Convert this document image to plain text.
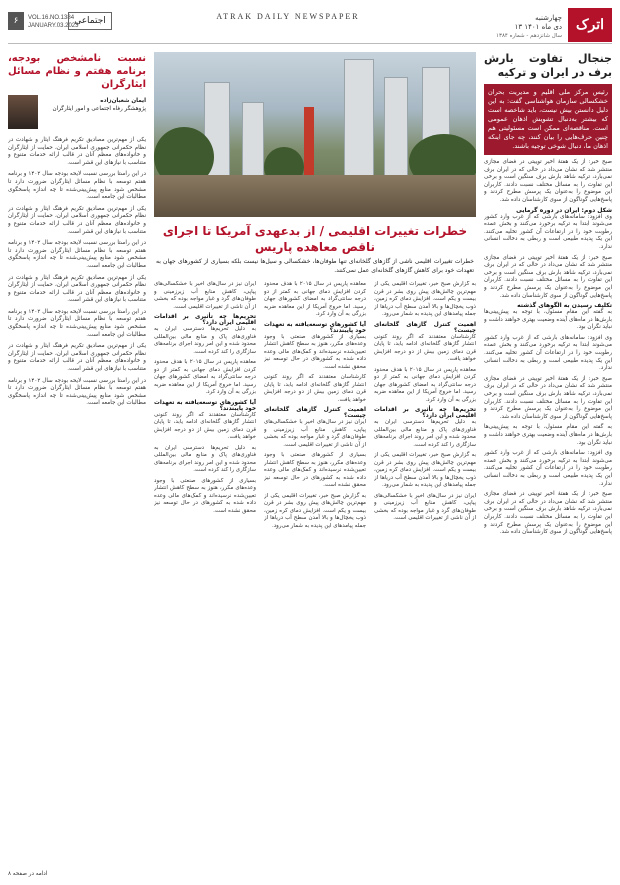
۶	VOL.16.NO.1384
JANUARY.03.2023
اجتماعی	ATRAK DAILY NEWSPAPER	چهارشنبه
۱۳ دی ماه ۱۴۰۱
سال شانزدهم - شماره ۱۳۸۴
اترک
نسبت نامشخص بودجه، برنامه هفتم و نظام مسائل ایثارگران
ایمان شعبان‌زاده
پژوهشگر رفاه اجتماعی و امور ایثارگران

یکی از مهم‌ترین مصادیق تکریم فرهنگ ایثار و شهادت در نظام حکمرانی جمهوری اسلامی ایران، حمایت از ایثارگران و خانواده‌های معظم آنان در قالب ارائه خدمات متنوع و متناسب با نیازهای این قشر است.

در این راستا بررسی نسبت لایحه بودجه سال ۱۴۰۲ و برنامه هفتم توسعه با نظام مسائل ایثارگران ضرورت دارد تا مشخص شود منابع پیش‌بینی‌شده تا چه اندازه پاسخگوی مطالبات این جامعه است.

یکی از مهم‌ترین مصادیق تکریم فرهنگ ایثار و شهادت در نظام حکمرانی جمهوری اسلامی ایران، حمایت از ایثارگران و خانواده‌های معظم آنان در قالب ارائه خدمات متنوع و متناسب با نیازهای این قشر است.

در این راستا بررسی نسبت لایحه بودجه سال ۱۴۰۲ و برنامه هفتم توسعه با نظام مسائل ایثارگران ضرورت دارد تا مشخص شود منابع پیش‌بینی‌شده تا چه اندازه پاسخگوی مطالبات این جامعه است.

یکی از مهم‌ترین مصادیق تکریم فرهنگ ایثار و شهادت در نظام حکمرانی جمهوری اسلامی ایران، حمایت از ایثارگران و خانواده‌های معظم آنان در قالب ارائه خدمات متنوع و متناسب با نیازهای این قشر است.

در این راستا بررسی نسبت لایحه بودجه سال ۱۴۰۲ و برنامه هفتم توسعه با نظام مسائل ایثارگران ضرورت دارد تا مشخص شود منابع پیش‌بینی‌شده تا چه اندازه پاسخگوی مطالبات این جامعه است.

یکی از مهم‌ترین مصادیق تکریم فرهنگ ایثار و شهادت در نظام حکمرانی جمهوری اسلامی ایران، حمایت از ایثارگران و خانواده‌های معظم آنان در قالب ارائه خدمات متنوع و متناسب با نیازهای این قشر است.

در این راستا بررسی نسبت لایحه بودجه سال ۱۴۰۲ و برنامه هفتم توسعه با نظام مسائل ایثارگران ضرورت دارد تا مشخص شود منابع پیش‌بینی‌شده تا چه اندازه پاسخگوی مطالبات این جامعه است.

ادامه در صفحه ۸
خطرات تغییرات اقلیمی / از بدعهدی آمریکا تا اجرای ناقص معاهده پاریس

خطرات تغییرات اقلیمی ناشی از گازهای گلخانه‌ای تنها طوفان‌ها، خشکسالی و سیل‌ها نیست بلکه بسیاری از کشورهای جهان به تعهدات خود برای کاهش گازهای گلخانه‌ای عمل نمی‌کنند.

به گزارش صبح خبر، تغییرات اقلیمی یکی از مهم‌ترین چالش‌های پیش روی بشر در قرن بیست و یکم است. افزایش دمای کره زمین، ذوب یخچال‌ها و بالا آمدن سطح آب دریاها از جمله پیامدهای این پدیده به شمار می‌رود.

اهمیت کنترل گازهای گلخانه‌ای چیست؟

کارشناسان معتقدند که اگر روند کنونی انتشار گازهای گلخانه‌ای ادامه یابد، تا پایان قرن دمای زمین بیش از دو درجه افزایش خواهد یافت.

معاهده پاریس در سال ۲۰۱۵ با هدف محدود کردن افزایش دمای جهانی به کمتر از دو درجه سانتی‌گراد به امضای کشورهای جهان رسید. اما خروج آمریکا از این معاهده ضربه بزرگی به آن وارد کرد.

تحریم‌ها چه تأثیری بر اقدامات اقلیمی ایران دارد؟

به دلیل تحریم‌ها دسترسی ایران به فناوری‌های پاک و منابع مالی بین‌المللی محدود شده و این امر روند اجرای برنامه‌های سازگاری را کند کرده است.

به گزارش صبح خبر، تغییرات اقلیمی یکی از مهم‌ترین چالش‌های پیش روی بشر در قرن بیست و یکم است. افزایش دمای کره زمین، ذوب یخچال‌ها و بالا آمدن سطح آب دریاها از جمله پیامدهای این پدیده به شمار می‌رود.

ایران نیز در سال‌های اخیر با خشکسالی‌های پیاپی، کاهش منابع آب زیرزمینی و طوفان‌های گرد و غبار مواجه بوده که بخشی از آن ناشی از تغییرات اقلیمی است.

معاهده پاریس در سال ۲۰۱۵ با هدف محدود کردن افزایش دمای جهانی به کمتر از دو درجه سانتی‌گراد به امضای کشورهای جهان رسید. اما خروج آمریکا از این معاهده ضربه بزرگی به آن وارد کرد.

آیا کشورهای توسعه‌یافته به تعهدات خود پایبندند؟

بسیاری از کشورهای صنعتی با وجود وعده‌های مکرر، هنوز به سطح کاهش انتشار تعیین‌شده نرسیده‌اند و کمک‌های مالی وعده داده شده به کشورهای در حال توسعه نیز محقق نشده است.

کارشناسان معتقدند که اگر روند کنونی انتشار گازهای گلخانه‌ای ادامه یابد، تا پایان قرن دمای زمین بیش از دو درجه افزایش خواهد یافت.

اهمیت کنترل گازهای گلخانه‌ای چیست؟

ایران نیز در سال‌های اخیر با خشکسالی‌های پیاپی، کاهش منابع آب زیرزمینی و طوفان‌های گرد و غبار مواجه بوده که بخشی از آن ناشی از تغییرات اقلیمی است.

بسیاری از کشورهای صنعتی با وجود وعده‌های مکرر، هنوز به سطح کاهش انتشار تعیین‌شده نرسیده‌اند و کمک‌های مالی وعده داده شده به کشورهای در حال توسعه نیز محقق نشده است.

به گزارش صبح خبر، تغییرات اقلیمی یکی از مهم‌ترین چالش‌های پیش روی بشر در قرن بیست و یکم است. افزایش دمای کره زمین، ذوب یخچال‌ها و بالا آمدن سطح آب دریاها از جمله پیامدهای این پدیده به شمار می‌رود.

ایران نیز در سال‌های اخیر با خشکسالی‌های پیاپی، کاهش منابع آب زیرزمینی و طوفان‌های گرد و غبار مواجه بوده که بخشی از آن ناشی از تغییرات اقلیمی است.

تحریم‌ها چه تأثیری بر اقدامات اقلیمی ایران دارد؟

به دلیل تحریم‌ها دسترسی ایران به فناوری‌های پاک و منابع مالی بین‌المللی محدود شده و این امر روند اجرای برنامه‌های سازگاری را کند کرده است.

معاهده پاریس در سال ۲۰۱۵ با هدف محدود کردن افزایش دمای جهانی به کمتر از دو درجه سانتی‌گراد به امضای کشورهای جهان رسید. اما خروج آمریکا از این معاهده ضربه بزرگی به آن وارد کرد.

آیا کشورهای توسعه‌یافته به تعهدات خود پایبندند؟

کارشناسان معتقدند که اگر روند کنونی انتشار گازهای گلخانه‌ای ادامه یابد، تا پایان قرن دمای زمین بیش از دو درجه افزایش خواهد یافت.

به دلیل تحریم‌ها دسترسی ایران به فناوری‌های پاک و منابع مالی بین‌المللی محدود شده و این امر روند اجرای برنامه‌های سازگاری را کند کرده است.

بسیاری از کشورهای صنعتی با وجود وعده‌های مکرر، هنوز به سطح کاهش انتشار تعیین‌شده نرسیده‌اند و کمک‌های مالی وعده داده شده به کشورهای در حال توسعه نیز محقق نشده است.

جنجال تفاوت بارش برف در ایران و ترکیه
رئیس مرکز ملی اقلیم و مدیریت بحران خشکسالی سازمان هواشناسی گفت: به این دلیل دانستن بیش نیست، باید شاخصه است که بیشتر به‌دنبال تشویش اذهان عمومی است. مناقصه‌ای ممکن است مسئولیتی هم چنین حرف‌هایی را بیان کنند، چه جای اینکه اذهان ما، دنبال شوخی توجیه باشند.

صبح خبر: از یک هفتهٔ اخیر توییتی در فضای مجازی منتشر شد که نشان می‌داد در حالی که در ایران برف نمی‌بارد، ترکیه شاهد بارش برف سنگین است و برخی این تفاوت را به مسائل مختلف نسبت دادند. کاربران این موضوع را به‌عنوان یک پرسش مطرح کردند و پاسخ‌هایی گوناگون از سوی کارشناسان داده شد.

شکل دوم: ایران در دوره گرمایی

وی افزود: سامانه‌های بارشی که از غرب وارد کشور می‌شوند ابتدا به ترکیه برخورد می‌کنند و بخش عمده رطوبت خود را در ارتفاعات آن کشور تخلیه می‌کنند. این یک پدیده طبیعی است و ربطی به دخالت انسانی ندارد.

صبح خبر: از یک هفتهٔ اخیر توییتی در فضای مجازی منتشر شد که نشان می‌داد در حالی که در ایران برف نمی‌بارد، ترکیه شاهد بارش برف سنگین است و برخی این تفاوت را به مسائل مختلف نسبت دادند. کاربران این موضوع را به‌عنوان یک پرسش مطرح کردند و پاسخ‌هایی گوناگون از سوی کارشناسان داده شد.

تکلیف رسیدن به الگوهای گذشته

به گفته این مقام مسئول، با توجه به پیش‌بینی‌ها بارش‌ها در ماه‌های آینده وضعیت بهتری خواهند داشت و نباید نگران بود.

وی افزود: سامانه‌های بارشی که از غرب وارد کشور می‌شوند ابتدا به ترکیه برخورد می‌کنند و بخش عمده رطوبت خود را در ارتفاعات آن کشور تخلیه می‌کنند. این یک پدیده طبیعی است و ربطی به دخالت انسانی ندارد.

صبح خبر: از یک هفتهٔ اخیر توییتی در فضای مجازی منتشر شد که نشان می‌داد در حالی که در ایران برف نمی‌بارد، ترکیه شاهد بارش برف سنگین است و برخی این تفاوت را به مسائل مختلف نسبت دادند. کاربران این موضوع را به‌عنوان یک پرسش مطرح کردند و پاسخ‌هایی گوناگون از سوی کارشناسان داده شد.

به گفته این مقام مسئول، با توجه به پیش‌بینی‌ها بارش‌ها در ماه‌های آینده وضعیت بهتری خواهند داشت و نباید نگران بود.

وی افزود: سامانه‌های بارشی که از غرب وارد کشور می‌شوند ابتدا به ترکیه برخورد می‌کنند و بخش عمده رطوبت خود را در ارتفاعات آن کشور تخلیه می‌کنند. این یک پدیده طبیعی است و ربطی به دخالت انسانی ندارد.

صبح خبر: از یک هفتهٔ اخیر توییتی در فضای مجازی منتشر شد که نشان می‌داد در حالی که در ایران برف نمی‌بارد، ترکیه شاهد بارش برف سنگین است و برخی این تفاوت را به مسائل مختلف نسبت دادند. کاربران این موضوع را به‌عنوان یک پرسش مطرح کردند و پاسخ‌هایی گوناگون از سوی کارشناسان داده شد.
